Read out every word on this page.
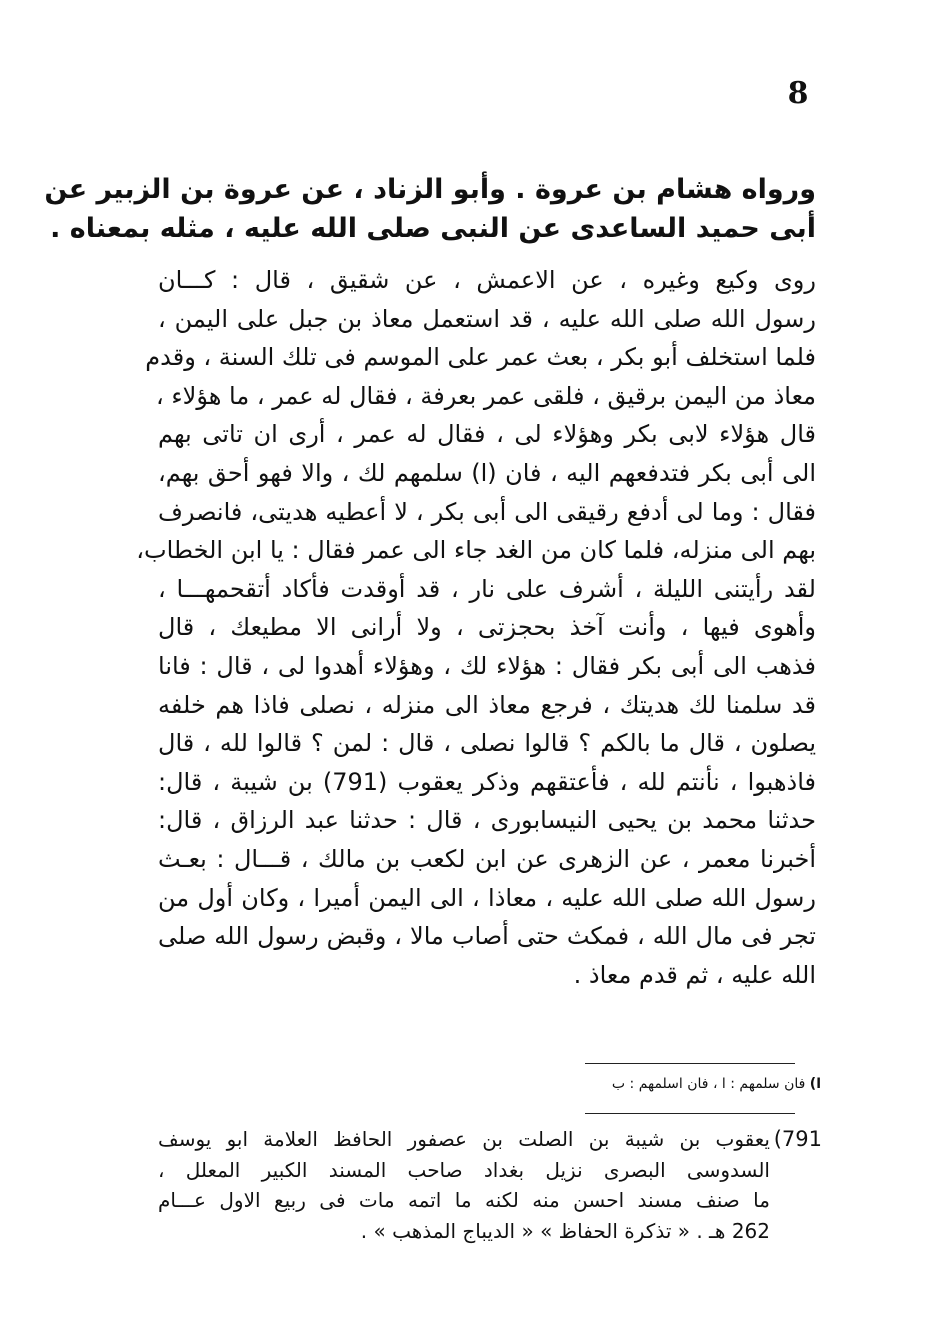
8
ورواه هشام بن عروة . وأبو الزناد ، عن عروة بن الزبير عن
أبى حميد الساعدى عن النبى صلى الله عليه ، مثله بمعناه .
روى وكيع وغيره ، عن الاعمش ، عن شقيق ، قال : كـــان
رسول الله صلى الله عليه ، قد استعمل معاذ بن جبل على اليمن ،
فلما استخلف أبو بكر ، بعث عمر على الموسم فى تلك السنة ، وقدم
معاذ من اليمن برقيق ، فلقى عمر بعرفة ، فقال له عمر ، ما هؤلاء ،
قال هؤلاء لابى بكر وهؤلاء لى ، فقال له عمر ، أرى ان تاتى بهم
الى أبى بكر فتدفعهم اليه ، فان (ا) سلمهم لك ، والا فهو أحق بهم،
فقال : وما لى أدفع رقيقى الى أبى بكر ، لا أعطيه هديتى، فانصرف
بهم الى منزله، فلما كان من الغد جاء الى عمر فقال : يا ابن الخطاب،
لقد رأيتنى الليلة ، أشرف على نار ، قد أوقدت فأكاد أتقحمهـــا ،
وأهوى فيها ، وأنت آخذ بحجزتى ، ولا أرانى الا مطيعك ، قال
فذهب الى أبى بكر فقال : هؤلاء لك ، وهؤلاء أهدوا لى ، قال : فانا
قد سلمنا لك هديتك ، فرجع معاذ الى منزله ، نصلى فاذا هم خلفه
يصلون ، قال ما بالكم ؟ قالوا نصلى ، قال : لمن ؟ قالوا لله ، قال
فاذهبوا ، نأنتم لله ، فأعتقهم وذكر يعقوب (791) بن شيبة ، قال:
حدثنا محمد بن يحيى النيسابورى ، قال : حدثنا عبد الرزاق ، قال:
أخبرنا معمر ، عن الزهرى عن ابن لكعب بن مالك ، قـــال : بعـث
رسول الله صلى الله عليه ، معاذا ، الى اليمن أميرا ، وكان أول من
تجر فى مال الله ، فمكث حتى أصاب مالا ، وقبض رسول الله صلى
الله عليه ، ثم قدم معاذ .
ا) فان سلمهم : ا ، فان اسلمهم : ب
791)
يعقوب بن شيبة بن الصلت بن عصفور الحافظ العلامة ابو يوسف
السدوسى البصرى نزيل بغداد صاحب المسند الكبير المعلل ،
ما صنف مسند احسن منه لكنه ما اتمه مات فى ربيع الاول عـــام
262 هـ . « تذكرة الحفاظ » « الديباج المذهب » .
